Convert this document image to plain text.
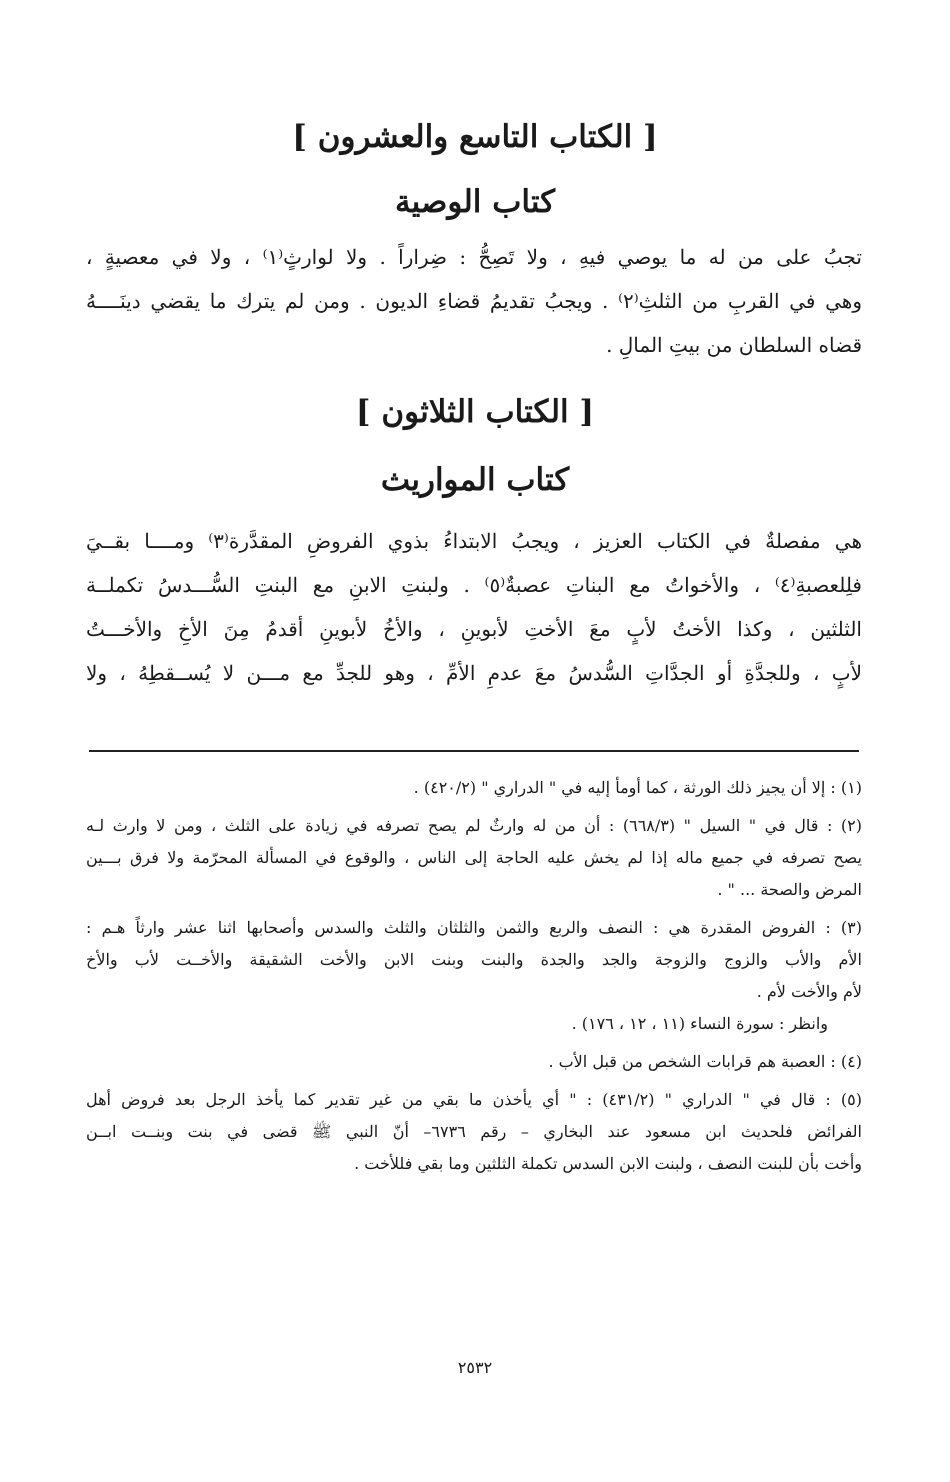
[ الكتاب التاسع والعشرون ]
كتاب الوصية
تجبُ على من له ما يوصي فيهِ ، ولا تَصِحُّ : ضِراراً . ولا لوارثٍ⁽١⁾ ، ولا في معصيةٍ ،
وهي في القربِ من الثلثِ⁽٢⁾ . ويجبُ تقديمُ قضاءِ الديون . ومن لم يترك ما يقضي دينَــــهُ
قضاه السلطان من بيتِ المالِ .
[ الكتاب الثلاثون ]
كتاب المواريث
هي مفصلةٌ في الكتاب العزيز ، ويجبُ الابتداءُ بذوي الفروضِ المقدَّرة⁽٣⁾ ومــــا بقــيَ
فلِلعصبةِ⁽٤⁾ ، والأخواتُ مع البناتِ عصبةٌ⁽٥⁾ . ولبنتِ الابنِ مع البنتِ السُّـــدسُ تكملــة
الثلثين ، وكذا الأختُ لأبٍ معَ الأختِ لأبوينِ ، والأخُ لأبوينِ أقدمُ مِنَ الأخِ والأخـــتُ
لأبٍ ، وللجدَّةِ أو الجدَّاتِ السُّدسُ معَ عدمِ الأمِّ ، وهو للجدِّ مع مـــن لا يُســقطِهُ ، ولا
(١) : إلا أن يجيز ذلك الورثة ، كما أومأ إليه في " الدراري " (٤٢٠/٢) .
(٢) : قال في " السيل " (٦٦٨/٣) : أن من له وارثٌ لم يصح تصرفه في زيادة على الثلث ، ومن لا وارث لـه
يصح تصرفه في جميع ماله إذا لم يخش عليه الحاجة إلى الناس ، والوقوع في المسألة المحرّمة ولا فرق بـــين
المرض والصحة ... " .
(٣) : الفروض المقدرة هي : النصف والربع والثمن والثلثان والثلث والسدس وأصحابها اثنا عشر وارثاً هـم :
الأم والأب والزوج والزوجة والجد والجدة والبنت وبنت الابن والأخت الشقيقة والأخــت لأب والأخ
لأم والأخت لأم .
وانظر : سورة النساء (١١ ، ١٢ ، ١٧٦) .
(٤) : العصبة هم قرابات الشخص من قبل الأب .
(٥) : قال في " الدراري " (٤٣١/٢) : " أي يأخذن ما بقي من غير تقدير كما يأخذ الرجل بعد فروض أهل
الفرائض فلحديث ابن مسعود عند البخاري – رقم ٦٧٣٦– أنّ النبي ﷺ قضى في بنت وبنــت ابــن
وأخت بأن للبنت النصف ، ولبنت الابن السدس تكملة الثلثين وما بقي فللأخت .
٢٥٣٢
